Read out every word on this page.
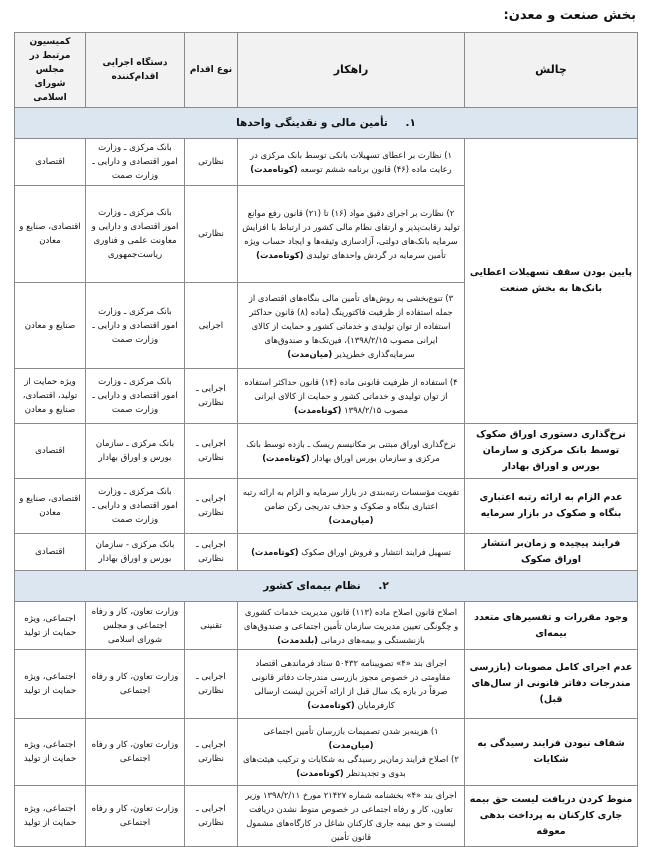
بخش صنعت و معدن:
چالش	راهکار	نوع اقدام	دستگاه اجرایی اقدام‌کننده	کمیسیون مرتبط در مجلس شورای اسلامی
۱. تأمین مالی و نقدینگی واحدها				
پایین بودن سقف تسهیلات اعطایی بانک‌ها به بخش صنعت	۱) نظارت بر اعطای تسهیلات بانکی توسط بانک مرکزی در رعایت ماده (۴۶) قانون برنامه ششم توسعه (کوتاه‌مدت)	نظارتی	بانک مرکزی ـ وزارت امور اقتصادی و دارایی ـ وزارت صمت	اقتصادی
	۲) نظارت بر اجرای دقیق مواد (۱۶) تا (۲۱) قانون رفع موانع تولید رقابت‌پذیر و ارتقای نظام مالی کشور در ارتباط با افزایش سرمایه بانک‌های دولتی، آزادسازی وثیقه‌ها و ایجاد حساب ویژه تأمین سرمایه در گردش واحدهای تولیدی (کوتاه‌مدت)	نظارتی	بانک مرکزی ـ وزارت امور اقتصادی و دارایی و معاونت علمی و فناوری ریاست‌جمهوری	اقتصادی، صنایع و معادن
	۳) تنوع‌بخشی به روش‌های تأمین مالی بنگاه‌های اقتصادی از جمله استفاده از ظرفیت فاکتورینگ (ماده (۸) قانون حداکثر استفاده از توان تولیدی و خدماتی کشور و حمایت از کالای ایرانی مصوب ۱۳۹۸/۲/۱۵)، فین‌تک‌ها و صندوق‌های سرمایه‌گذاری خطرپذیر (میان‌مدت)	اجرایی	بانک مرکزی ـ وزارت امور اقتصادی و دارایی ـ وزارت صمت	صنایع و معادن
	۴) استفاده از ظرفیت قانونی ماده (۱۴) قانون حداکثر استفاده از توان تولیدی و خدماتی کشور و حمایت از کالای ایرانی مصوب ۱۳۹۸/۲/۱۵ (کوتاه‌مدت)	اجرایی ـ نظارتی	بانک مرکزی ـ وزارت امور اقتصادی و دارایی ـ وزارت صمت	ویژه حمایت از تولید، اقتصادی، صنایع و معادن
نرخ‌گذاری دستوری اوراق صکوک توسط بانک مرکزی و سازمان بورس و اوراق بهادار	نرخ‌گذاری اوراق مبتنی بر مکانیسم ریسک ـ بازده توسط بانک مرکزی و سازمان بورس اوراق بهادار (کوتاه‌مدت)	اجرایی ـ نظارتی	بانک مرکزی ـ سازمان بورس و اوراق بهادار	اقتصادی
عدم الزام به ارائه رتبه اعتباری بنگاه و صکوک در بازار سرمایه	تقویت مؤسسات رتبه‌بندی در بازار سرمایه و الزام به ارائه رتبه اعتباری بنگاه و صکوک و حذف تدریجی رکن ضامن (میان‌مدت)	اجرایی ـ نظارتی	بانک مرکزی ـ وزارت امور اقتصادی و دارایی ـ وزارت صمت	اقتصادی، صنایع و معادن
فرایند پیچیده و زمان‌بر انتشار اوراق صکوک	تسهیل فرایند انتشار و فروش اوراق صکوک (کوتاه‌مدت)	اجرایی ـ نظارتی	بانک مرکزی - سازمان بورس و اوراق بهادار	اقتصادی
۲. نظام بیمه‌ای کشور				
وجود مقررات و تفسیرهای متعدد بیمه‌ای	اصلاح قانون اصلاح ماده (۱۱۳) قانون مدیریت خدمات کشوری و چگونگی تعیین مدیریت سازمان تأمین اجتماعی و صندوق‌های بازنشستگی و بیمه‌های درمانی (بلندمدت)	تقنینی	وزارت تعاون، کار و رفاه اجتماعی و مجلس شورای اسلامی	اجتماعی، ویژه حمایت از تولید
عدم اجرای کامل مصوبات (بازرسی مندرجات دفاتر قانونی از سال‌های قبل)	اجرای بند «۴» تصویبنامه ۵۰۴۳۲ ستاد فرماندهی اقتصاد مقاومتی در خصوص مجوز بازرسی مندرجات دفاتر قانونی صرفاً در بازه یک سال قبل از ارائه آخرین لیست ارسالی کارفرمایان (کوتاه‌مدت)	اجرایی ـ نظارتی	وزارت تعاون، کار و رفاه اجتماعی	اجتماعی، ویژه حمایت از تولید
شفاف نبودن فرایند رسیدگی به شکایات	۱) هزینه‌بر شدن تصمیمات بازرسان تأمین اجتماعی (میان‌مدت)
۲) اصلاح فرایند زمان‌بر رسیدگی به شکایات و ترکیب هیئت‌های بدوی و تجدیدنظر (کوتاه‌مدت)	اجرایی ـ نظارتی	وزارت تعاون، کار و رفاه اجتماعی	اجتماعی، ویژه حمایت از تولید
منوط کردن دریافت لیست حق بیمه جاری کارکنان به پرداخت بدهی معوقه	اجرای بند «۴» بخشنامه شماره ۲۱۴۲۷ مورخ ۱۳۹۸/۲/۱۱ وزیر تعاون، کار و رفاه اجتماعی در خصوص منوط نشدن دریافت لیست و حق بیمه جاری کارکنان شاغل در کارگاه‌های مشمول قانون تأمین	اجرایی ـ نظارتی	وزارت تعاون، کار و رفاه اجتماعی	اجتماعی، ویژه حمایت از تولید
